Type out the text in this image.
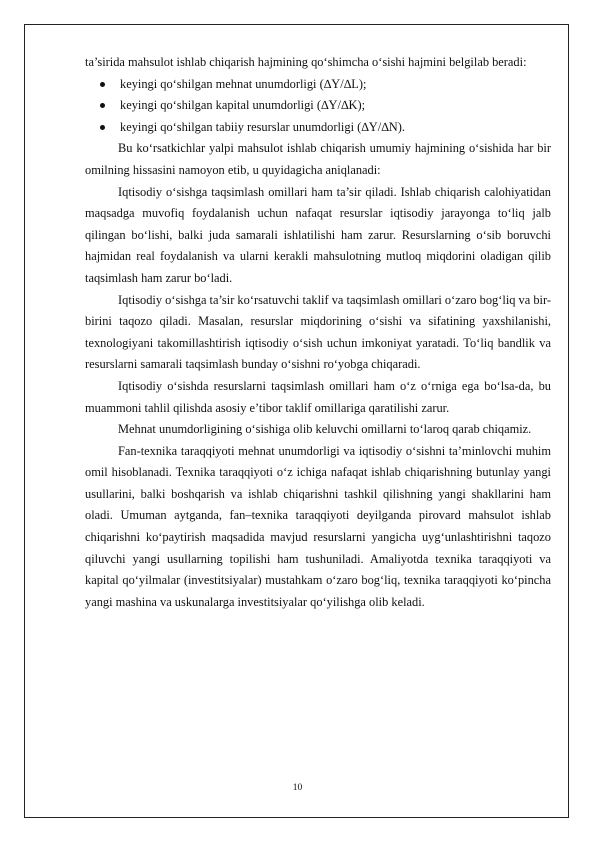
ta’sirida mahsulot ishlab chiqarish hajmining qo‘shimcha o‘sishi hajmini belgilab beradi:

keyingi qo‘shilgan mehnat unumdorligi (∆Y/∆L);
keyingi qo‘shilgan kapital unumdorligi (∆Y/∆K);
keyingi qo‘shilgan tabiiy resurslar unumdorligi (∆Y/∆N).

Bu ko‘rsatkichlar yalpi mahsulot ishlab chiqarish umumiy hajmining o‘sishida har bir omilning hissasini namoyon etib, u quyidagicha aniqlanadi:

Iqtisodiy o‘sishga taqsimlash omillari ham ta’sir qiladi. Ishlab chiqarish calohiyatidan maqsadga muvofiq foydalanish uchun nafaqat resurslar iqtisodiy jarayonga to‘liq jalb qilingan bo‘lishi, balki juda samarali ishlatilishi ham zarur. Resurslarning o‘sib boruvchi hajmidan real foydalanish va ularni kerakli mahsulotning mutloq miqdorini oladigan qilib taqsimlash ham zarur bo‘ladi.

Iqtisodiy o‘sishga ta’sir ko‘rsatuvchi taklif va taqsimlash omillari o‘zaro bog‘liq va bir-birini taqozo qiladi. Masalan, resurslar miqdorining o‘sishi va sifatining yaxshilanishi, texnologiyani takomillashtirish iqtisodiy o‘sish uchun imkoniyat yaratadi. To‘liq bandlik va resurslarni samarali taqsimlash bunday o‘sishni ro‘yobga chiqaradi.

Iqtisodiy o‘sishda resurslarni taqsimlash omillari ham o‘z o‘rniga ega bo‘lsa-da, bu muammoni tahlil qilishda asosiy e’tibor taklif omillariga qaratilishi zarur.

Mehnat unumdorligining o‘sishiga olib keluvchi omillarni to‘laroq qarab chiqamiz.

Fan-texnika taraqqiyoti mehnat unumdorligi va iqtisodiy o‘sishni ta’minlovchi muhim omil hisoblanadi. Texnika taraqqiyoti o‘z ichiga nafaqat ishlab chiqarishning butunlay yangi usullarini, balki boshqarish va ishlab chiqarishni tashkil qilishning yangi shakllarini ham oladi. Umuman aytganda, fan–texnika taraqqiyoti deyilganda pirovard mahsulot ishlab chiqarishni ko‘paytirish maqsadida mavjud resurslarni yangicha uyg‘unlashtirishni taqozo qiluvchi yangi usullarning topilishi ham tushuniladi. Amaliyotda texnika taraqqiyoti va kapital qo‘yilmalar (investitsiyalar) mustahkam o‘zaro bog‘liq, texnika taraqqiyoti ko‘pincha yangi mashina va uskunalarga investitsiyalar qo‘yilishga olib keladi.

10
